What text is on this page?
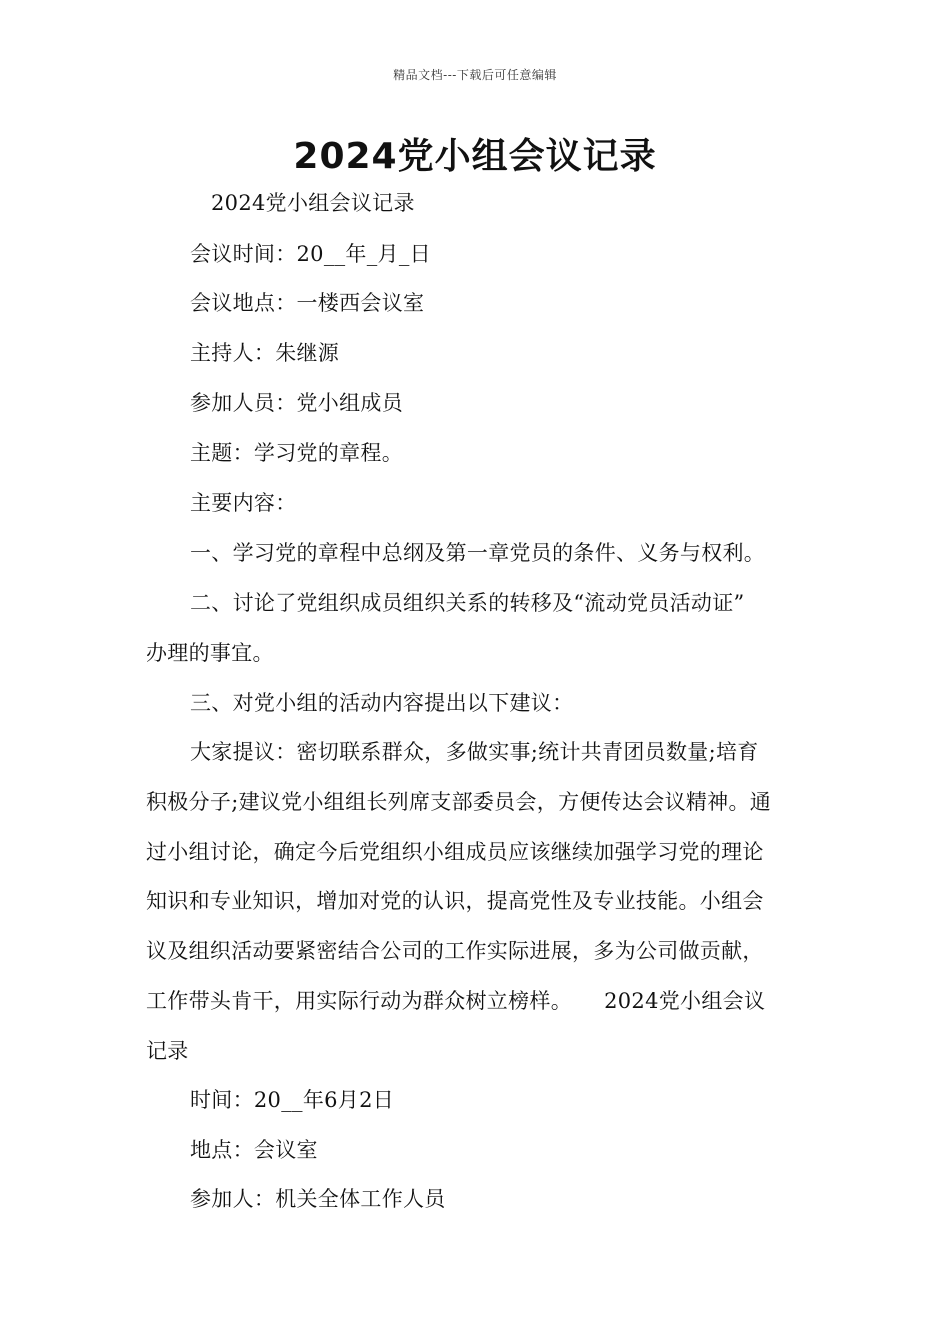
精品文档---下载后可任意编辑
2024党小组会议记录
2024党小组会议记录
会议时间：20__年_月_日
会议地点：一楼西会议室
主持人：朱继源
参加人员：党小组成员
主题：学习党的章程。
主要内容：
一、学习党的章程中总纲及第一章党员的条件、义务与权利。
二、讨论了党组织成员组织关系的转移及“流动党员活动证”
办理的事宜。
三、对党小组的活动内容提出以下建议：
大家提议：密切联系群众，多做实事;统计共青团员数量;培育
积极分子;建议党小组组长列席支部委员会，方便传达会议精神。通
过小组讨论，确定今后党组织小组成员应该继续加强学习党的理论
知识和专业知识，增加对党的认识，提高党性及专业技能。小组会
议及组织活动要紧密结合公司的工作实际进展，多为公司做贡献，
工作带头肯干，用实际行动为群众树立榜样。　　2024党小组会议
记录
时间：20__年6月2日
地点：会议室
参加人：机关全体工作人员
